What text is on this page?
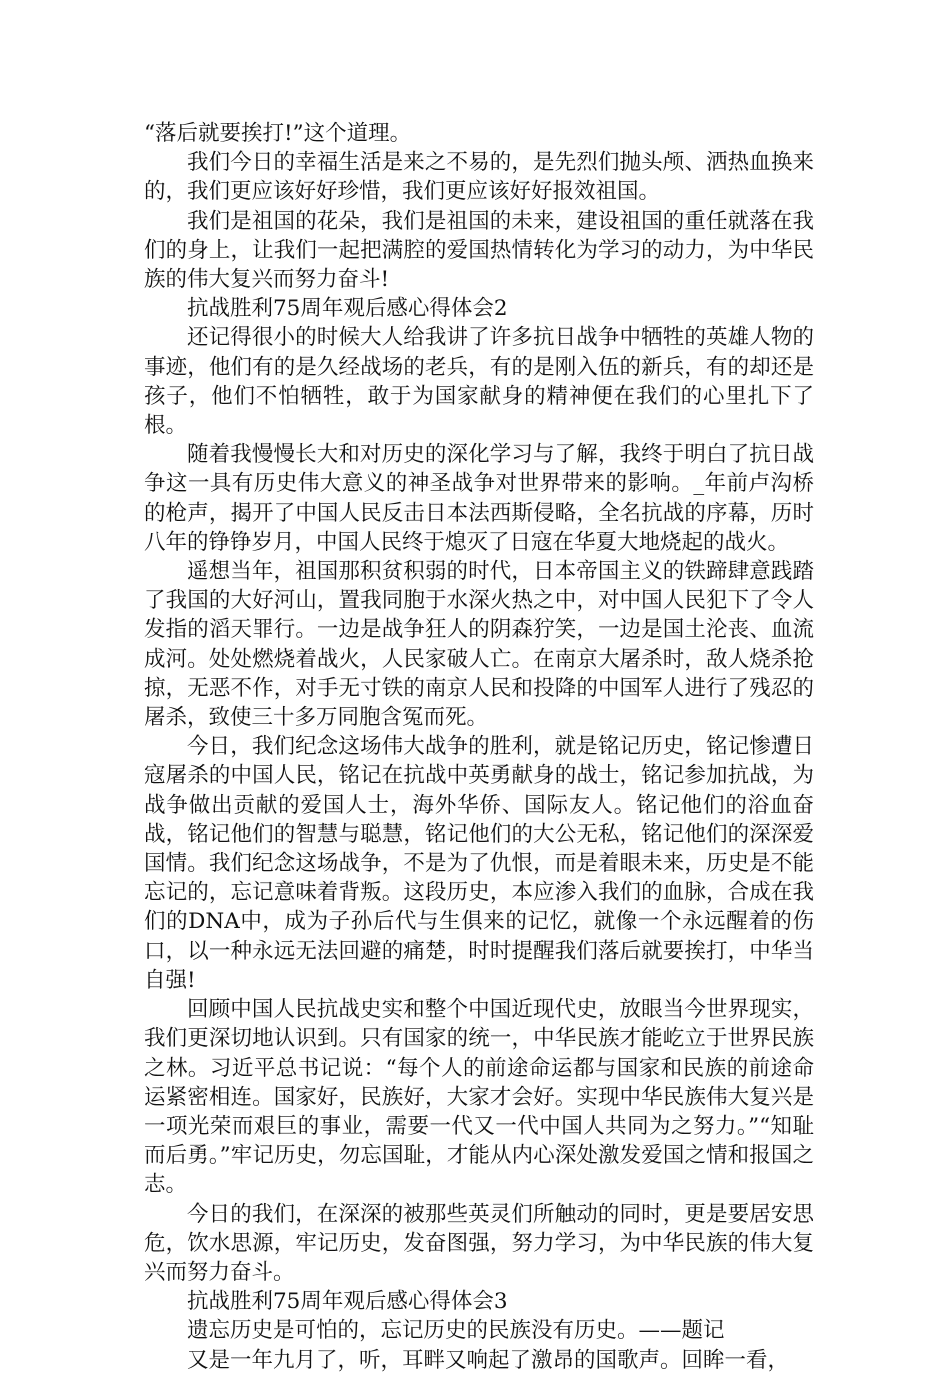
“落后就要挨打!”这个道理。

我们今日的幸福生活是来之不易的，是先烈们抛头颅、洒热血换来的，我们更应该好好珍惜，我们更应该好好报效祖国。

我们是祖国的花朵，我们是祖国的未来，建设祖国的重任就落在我们的身上，让我们一起把满腔的爱国热情转化为学习的动力，为中华民族的伟大复兴而努力奋斗!

抗战胜利75周年观后感心得体会2

还记得很小的时候大人给我讲了许多抗日战争中牺牲的英雄人物的事迹，他们有的是久经战场的老兵，有的是刚入伍的新兵，有的却还是孩子，他们不怕牺牲，敢于为国家献身的精神便在我们的心里扎下了根。

随着我慢慢长大和对历史的深化学习与了解，我终于明白了抗日战争这一具有历史伟大意义的神圣战争对世界带来的影响。_年前卢沟桥的枪声，揭开了中国人民反击日本法西斯侵略，全名抗战的序幕，历时八年的铮铮岁月，中国人民终于熄灭了日寇在华夏大地烧起的战火。

遥想当年，祖国那积贫积弱的时代，日本帝国主义的铁蹄肆意践踏了我国的大好河山，置我同胞于水深火热之中，对中国人民犯下了令人发指的滔天罪行。一边是战争狂人的阴森狞笑，一边是国土沦丧、血流成河。处处燃烧着战火，人民家破人亡。在南京大屠杀时，敌人烧杀抢掠，无恶不作，对手无寸铁的南京人民和投降的中国军人进行了残忍的屠杀，致使三十多万同胞含冤而死。

今日，我们纪念这场伟大战争的胜利，就是铭记历史，铭记惨遭日寇屠杀的中国人民，铭记在抗战中英勇献身的战士，铭记参加抗战，为战争做出贡献的爱国人士，海外华侨、国际友人。铭记他们的浴血奋战，铭记他们的智慧与聪慧，铭记他们的大公无私，铭记他们的深深爱国情。我们纪念这场战争，不是为了仇恨，而是着眼未来，历史是不能忘记的，忘记意味着背叛。这段历史，本应渗入我们的血脉，合成在我们的DNA中，成为子孙后代与生俱来的记忆，就像一个永远醒着的伤口，以一种永远无法回避的痛楚，时时提醒我们落后就要挨打，中华当自强!

回顾中国人民抗战史实和整个中国近现代史，放眼当今世界现实，我们更深切地认识到。只有国家的统一，中华民族才能屹立于世界民族之林。习近平总书记说：“每个人的前途命运都与国家和民族的前途命运紧密相连。国家好，民族好，大家才会好。实现中华民族伟大复兴是一项光荣而艰巨的事业，需要一代又一代中国人共同为之努力。”“知耻而后勇。”牢记历史，勿忘国耻，才能从内心深处激发爱国之情和报国之志。

今日的我们，在深深的被那些英灵们所触动的同时，更是要居安思危，饮水思源，牢记历史，发奋图强，努力学习，为中华民族的伟大复兴而努力奋斗。

抗战胜利75周年观后感心得体会3

遗忘历史是可怕的，忘记历史的民族没有历史。——题记

又是一年九月了，听，耳畔又响起了激昂的国歌声。回眸一看，
